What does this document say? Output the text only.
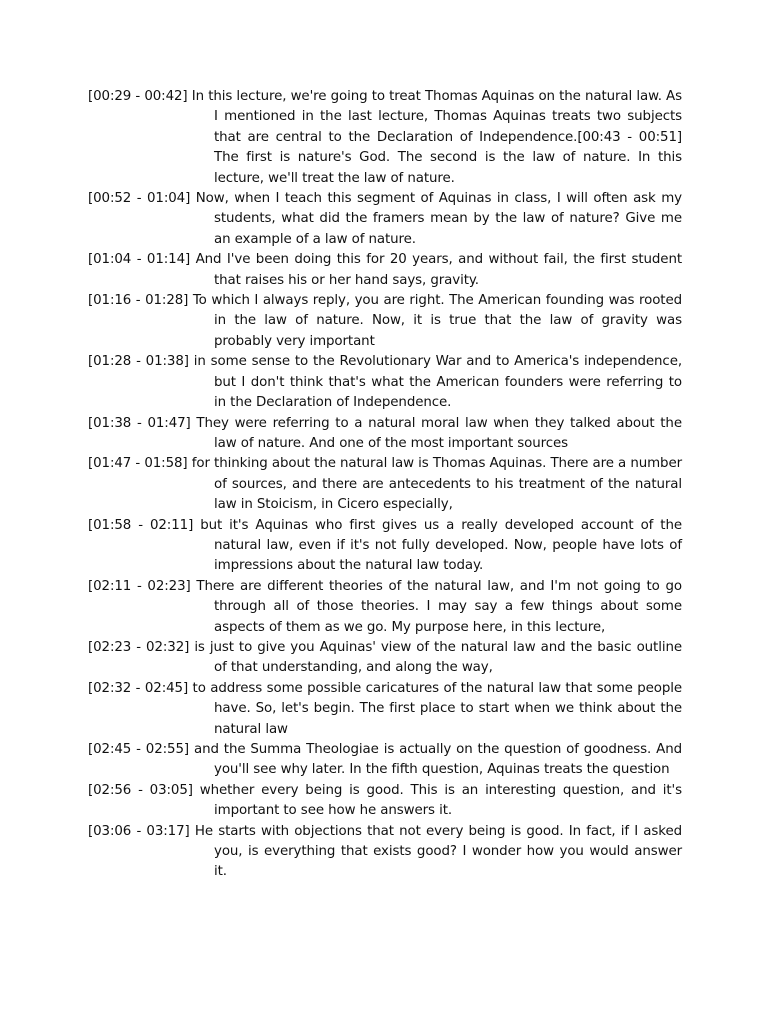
[00:29 - 00:42] In this lecture, we're going to treat Thomas Aquinas on the natural law. As I mentioned in the last lecture, Thomas Aquinas treats two subjects that are central to the Declaration of Independence.[00:43 - 00:51] The first is nature's God. The second is the law of nature. In this lecture, we'll treat the law of nature.

[00:52 - 01:04] Now, when I teach this segment of Aquinas in class, I will often ask my students, what did the framers mean by the law of nature? Give me an example of a law of nature.

[01:04 - 01:14] And I've been doing this for 20 years, and without fail, the first student that raises his or her hand says, gravity.

[01:16 - 01:28] To which I always reply, you are right. The American founding was rooted in the law of nature. Now, it is true that the law of gravity was probably very important

[01:28 - 01:38] in some sense to the Revolutionary War and to America's independence, but I don't think that's what the American founders were referring to in the Declaration of Independence.

[01:38 - 01:47] They were referring to a natural moral law when they talked about the law of nature. And one of the most important sources

[01:47 - 01:58] for thinking about the natural law is Thomas Aquinas. There are a number of sources, and there are antecedents to his treatment of the natural law in Stoicism, in Cicero especially,

[01:58 - 02:11] but it's Aquinas who first gives us a really developed account of the natural law, even if it's not fully developed. Now, people have lots of impressions about the natural law today.

[02:11 - 02:23] There are different theories of the natural law, and I'm not going to go through all of those theories. I may say a few things about some aspects of them as we go. My purpose here, in this lecture,

[02:23 - 02:32] is just to give you Aquinas' view of the natural law and the basic outline of that understanding, and along the way,

[02:32 - 02:45] to address some possible caricatures of the natural law that some people have. So, let's begin. The first place to start when we think about the natural law

[02:45 - 02:55] and the Summa Theologiae is actually on the question of goodness. And you'll see why later. In the fifth question, Aquinas treats the question

[02:56 - 03:05] whether every being is good. This is an interesting question, and it's important to see how he answers it.

[03:06 - 03:17] He starts with objections that not every being is good. In fact, if I asked you, is everything that exists good? I wonder how you would answer it.
